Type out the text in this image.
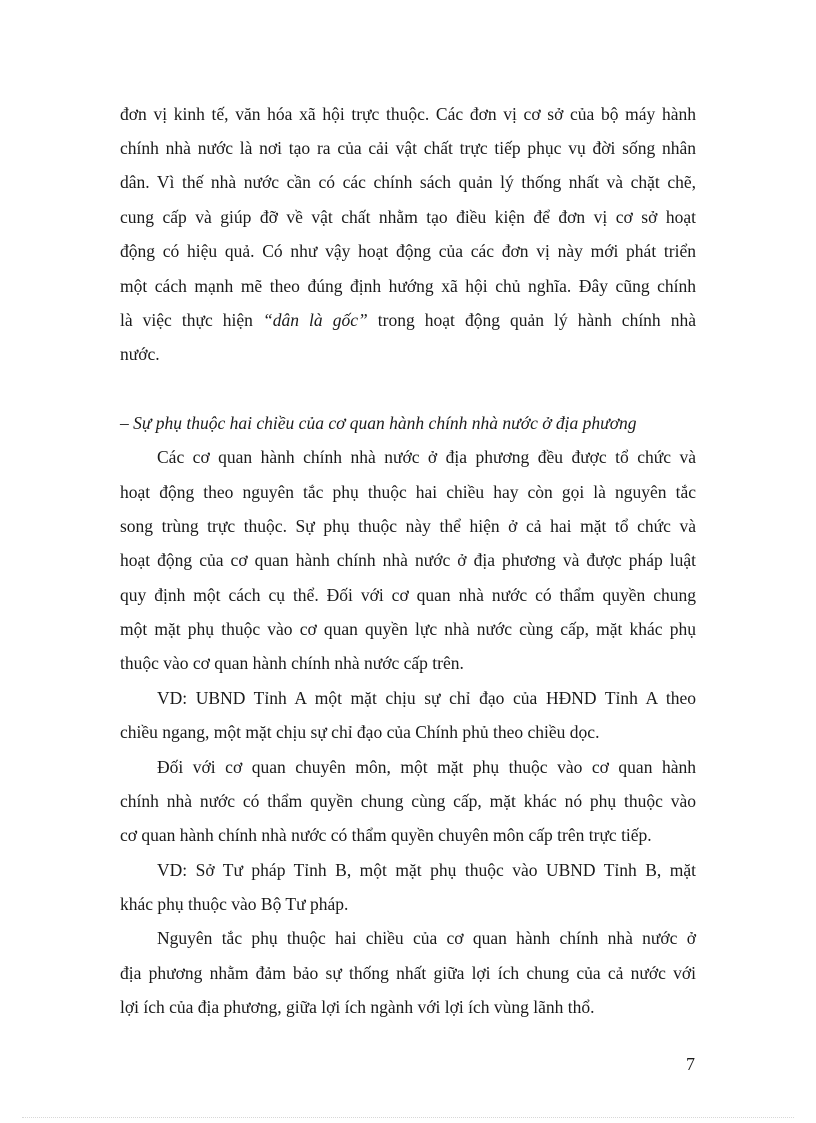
đơn vị kinh tế, văn hóa xã hội trực thuộc. Các đơn vị cơ sở của bộ máy hành
chính nhà nước là nơi tạo ra của cải vật chất trực tiếp phục vụ đời sống nhân
dân. Vì thế nhà nước cần có các chính sách quản lý thống nhất và chặt chẽ,
cung cấp và giúp đỡ về vật chất nhằm tạo điều kiện để đơn vị cơ sở hoạt
động có hiệu quả. Có như vậy hoạt động của các đơn vị này mới phát triển
một cách mạnh mẽ theo đúng định hướng xã hội chủ nghĩa. Đây cũng chính
là việc thực hiện “dân là gốc” trong hoạt động quản lý hành chính nhà
nước.
– Sự phụ thuộc hai chiều của cơ quan hành chính nhà nước ở địa phương
Các cơ quan hành chính nhà nước ở địa phương đều được tổ chức và
hoạt động theo nguyên tắc phụ thuộc hai chiều hay còn gọi là nguyên tắc
song trùng trực thuộc. Sự phụ thuộc này thể hiện ở cả hai mặt tổ chức và
hoạt động của cơ quan hành chính nhà nước ở địa phương và được pháp luật
quy định một cách cụ thể. Đối với cơ quan nhà nước có thẩm quyền chung
một mặt phụ thuộc vào cơ quan quyền lực nhà nước cùng cấp, mặt khác phụ
thuộc vào cơ quan hành chính nhà nước cấp trên.
VD: UBND Tỉnh A một mặt chịu sự chỉ đạo của HĐND Tỉnh A theo
chiều ngang, một mặt chịu sự chỉ đạo của Chính phủ theo chiều dọc.
Đối với cơ quan chuyên môn, một mặt phụ thuộc vào cơ quan hành
chính nhà nước có thẩm quyền chung cùng cấp, mặt khác nó phụ thuộc vào
cơ quan hành chính nhà nước có thẩm quyền chuyên môn cấp trên trực tiếp.
VD: Sở Tư pháp Tỉnh B, một mặt phụ thuộc vào UBND Tỉnh B, mặt
khác phụ thuộc vào Bộ Tư pháp.
Nguyên tắc phụ thuộc hai chiều của cơ quan hành chính nhà nước ở
địa phương nhằm đảm bảo sự thống nhất giữa lợi ích chung của cả nước với
lợi ích của địa phương, giữa lợi ích ngành với lợi ích vùng lãnh thổ.
7
